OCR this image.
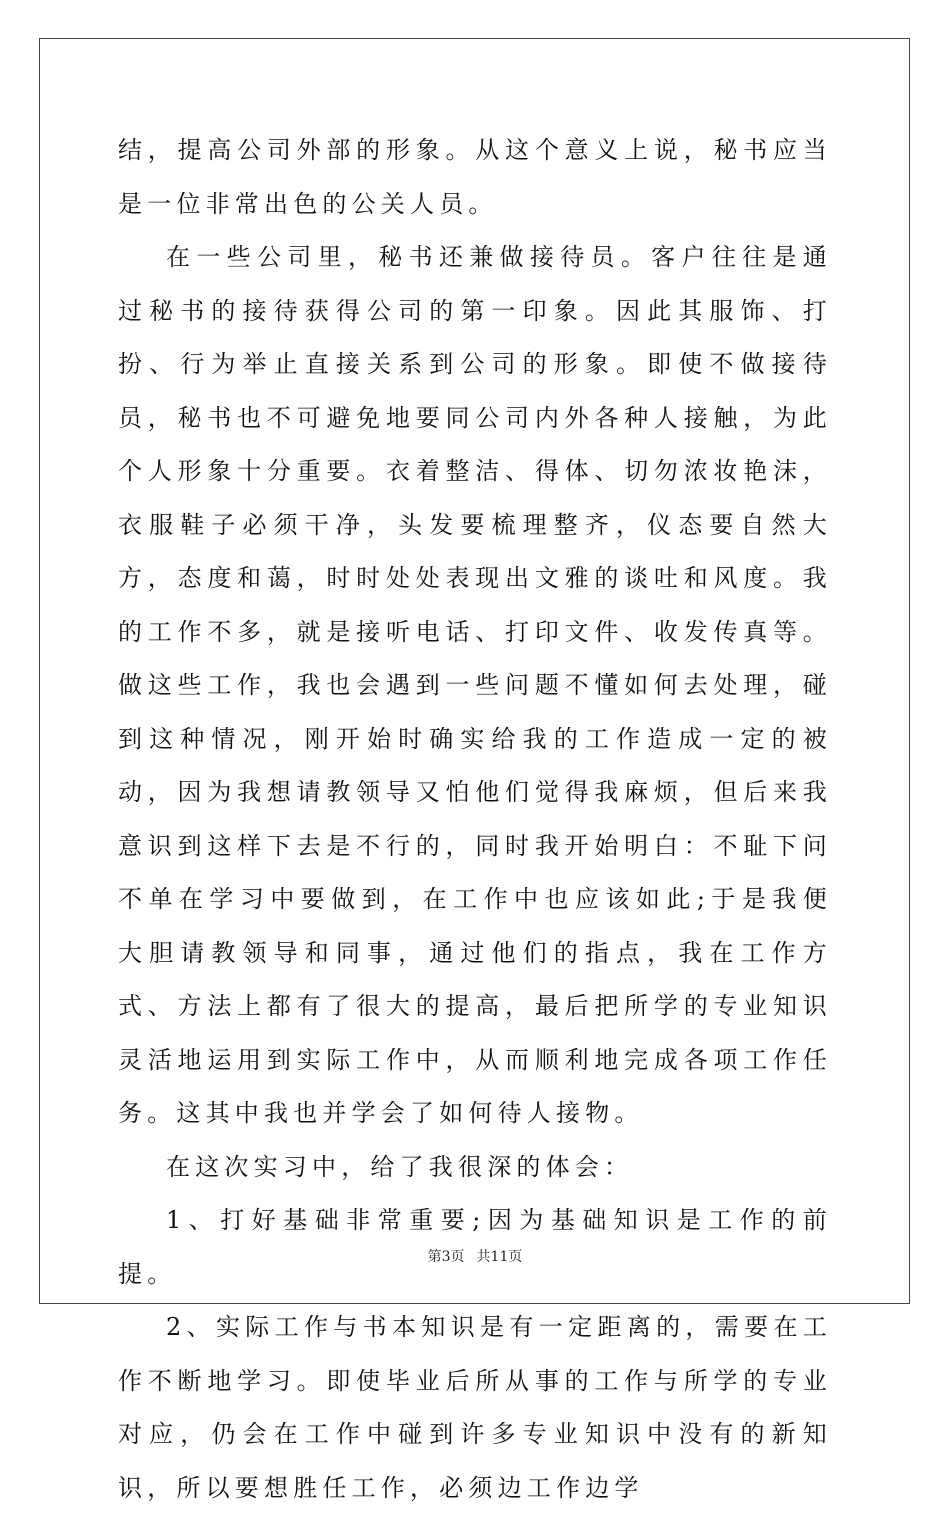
结，提高公司外部的形象。从这个意义上说，秘书应当是一位非常出色的公关人员。

在一些公司里，秘书还兼做接待员。客户往往是通过秘书的接待获得公司的第一印象。因此其服饰、打扮、行为举止直接关系到公司的形象。即使不做接待员，秘书也不可避免地要同公司内外各种人接触，为此个人形象十分重要。衣着整洁、得体、切勿浓妆艳沫，衣服鞋子必须干净，头发要梳理整齐，仪态要自然大方，态度和蔼，时时处处表现出文雅的谈吐和风度。我的工作不多，就是接听电话、打印文件、收发传真等。做这些工作，我也会遇到一些问题不懂如何去处理，碰到这种情况，刚开始时确实给我的工作造成一定的被动，因为我想请教领导又怕他们觉得我麻烦，但后来我意识到这样下去是不行的，同时我开始明白：不耻下问不单在学习中要做到，在工作中也应该如此;于是我便大胆请教领导和同事，通过他们的指点，我在工作方式、方法上都有了很大的提高，最后把所学的专业知识灵活地运用到实际工作中，从而顺利地完成各项工作任务。这其中我也并学会了如何待人接物。

在这次实习中，给了我很深的体会：

1、打好基础非常重要;因为基础知识是工作的前提。

2、实际工作与书本知识是有一定距离的，需要在工作不断地学习。即使毕业后所从事的工作与所学的专业对应，仍会在工作中碰到许多专业知识中没有的新知识，所以要想胜任工作，必须边工作边学

第3页 共11页
